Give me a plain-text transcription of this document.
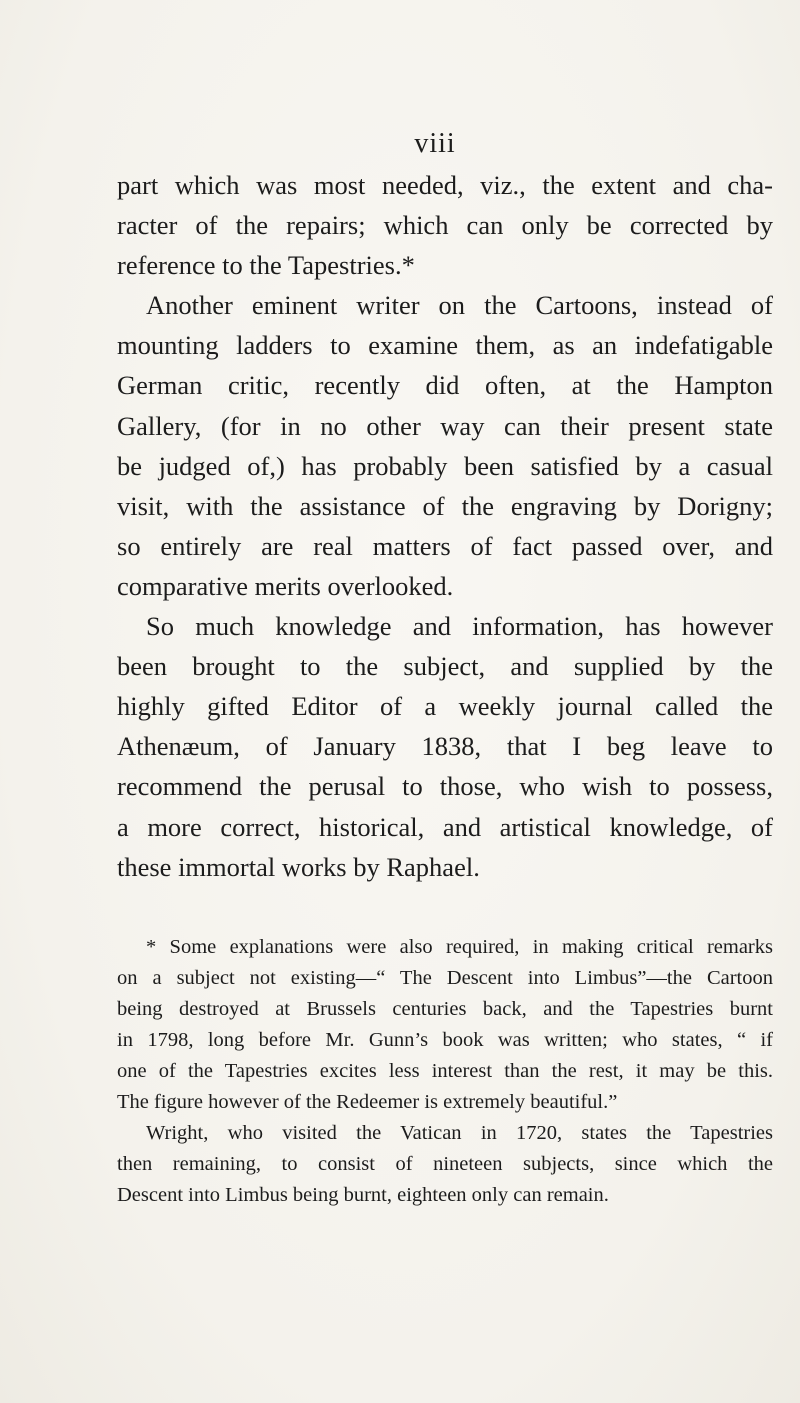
viii

part which was most needed, viz., the extent and cha-
racter of the repairs; which can only be corrected by
reference to the Tapestries.*

Another eminent writer on the Cartoons, instead of
mounting ladders to examine them, as an indefatigable
German critic, recently did often, at the Hampton
Gallery, (for in no other way can their present state
be judged of,) has probably been satisfied by a casual
visit, with the assistance of the engraving by Dorigny;
so entirely are real matters of fact passed over, and
comparative merits overlooked.

So much knowledge and information, has however
been brought to the subject, and supplied by the
highly gifted Editor of a weekly journal called the
Athenæum, of January 1838, that I beg leave to
recommend the perusal to those, who wish to possess,
a more correct, historical, and artistical knowledge, of
these immortal works by Raphael.

* Some explanations were also required, in making critical remarks
on a subject not existing—“ The Descent into Limbus”—the Cartoon
being destroyed at Brussels centuries back, and the Tapestries burnt
in 1798, long before Mr. Gunn’s book was written; who states, “ if
one of the Tapestries excites less interest than the rest, it may be this.
The figure however of the Redeemer is extremely beautiful.”

Wright, who visited the Vatican in 1720, states the Tapestries
then remaining, to consist of nineteen subjects, since which the
Descent into Limbus being burnt, eighteen only can remain.
